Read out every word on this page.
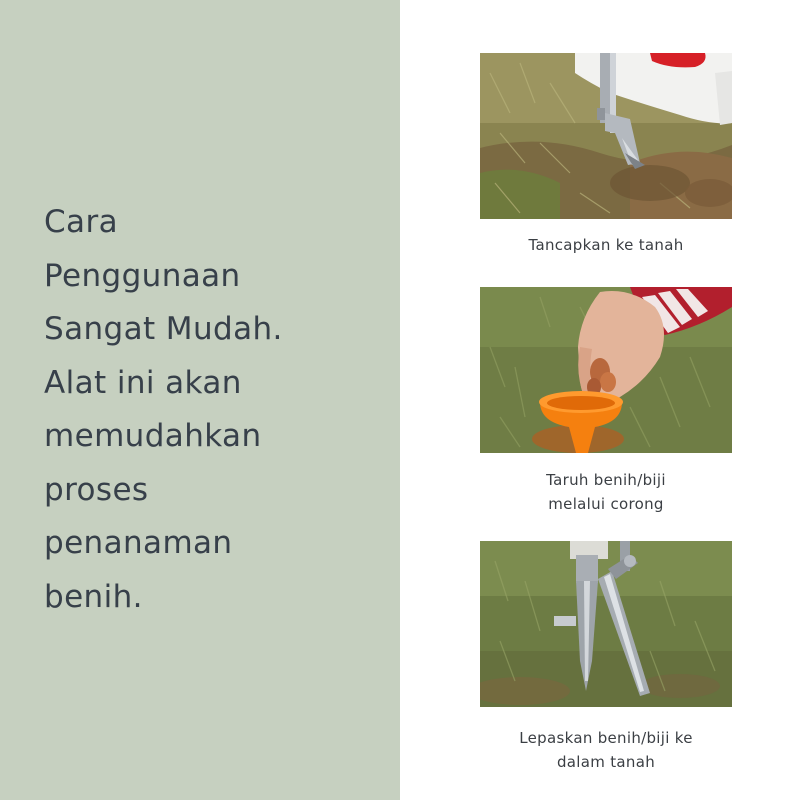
Cara
Penggunaan
Sangat Mudah.
Alat ini akan
memudahkan
proses
penanaman
benih.
Tancapkan ke tanah
Taruh benih/biji
melalui corong
Lepaskan benih/biji ke
dalam tanah
